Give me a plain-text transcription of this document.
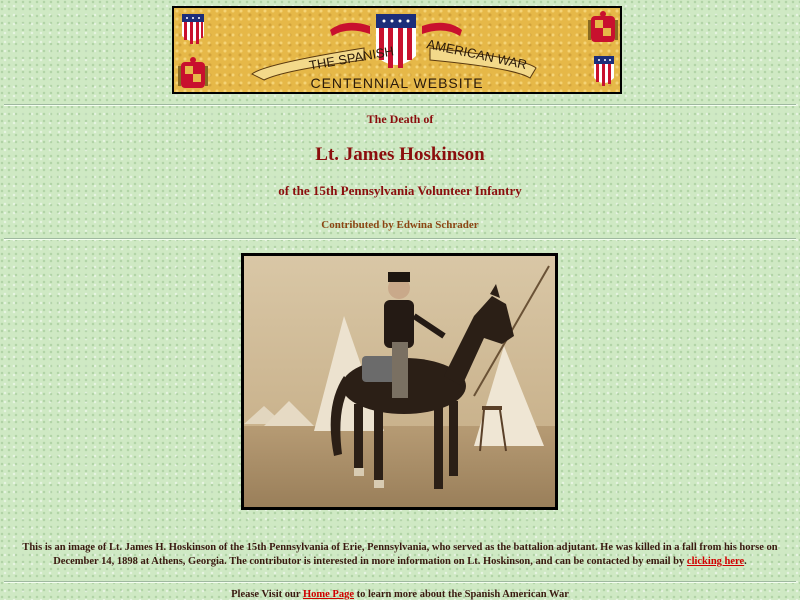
THE SPANISH AMERICAN WAR
CENTENNIAL WEBSITE
The Death of
Lt. James Hoskinson
of the 15th Pennsylvania Volunteer Infantry
Contributed by Edwina Schrader
This is an image of Lt. James H. Hoskinson of the 15th Pennsylvania of Erie, Pennsylvania, who served as the battalion adjutant. He was killed in a fall from his horse on December 14, 1898 at Athens, Georgia. The contributor is interested in more information on Lt. Hoskinson, and can be contacted by email by clicking here.
Please Visit our Home Page to learn more about the Spanish American War
